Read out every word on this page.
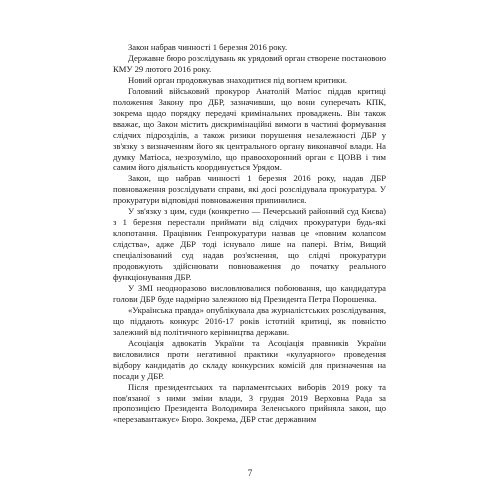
Закон набрав чинності 1 березня 2016 року.

Державне бюро розслідувань як урядовий орган створене постановою КМУ 29 лютого 2016 року.

Новий орган продовжував знаходитися під вогнем критики.

Головний військовий прокурор Анатолій Матіос піддав критиці положення Закону про ДБР, зазначивши, що вони суперечать КПК, зокрема щодо порядку передачі кримінальних проваджень. Він також вважає, що Закон містить дискримінаційні вимоги в частині формування слідчих підрозділів, а також ризики порушення незалежності ДБР у зв'язку з визначенням його як центрального органу виконавчої влади. На думку Матіоса, незрозуміло, що правоохоронний орган є ЦОВВ і тим самим його діяльність координується Урядом.

Закон, що набрав чинності 1 березня 2016 року, надав ДБР повноваження розслідувати справи, які досі розслідувала прокуратура. У прокуратури відповідні повноваження припинилися.

У зв'язку з цим, суди (конкретно — Печерський районний суд Києва) з 1 березня перестали приймати від слідчих прокуратури будь-які клопотання. Працівник Генпрокуратури назвав це «повним колапсом слідства», адже ДБР тоді існувало лише на папері. Втім, Вищий спеціалізований суд надав роз'яснення, що слідчі прокуратури продовжують здійснювати повноваження до початку реального функціонування ДБР.

У ЗМІ неодноразово висловлювалися побоювання, що кандидатура голови ДБР буде надмірно залежною від Президента Петра Порошенка.

«Українська правда» опублікувала два журналістських розслідування, що піддають конкурс 2016-17 років істотній критиці, як повністю залежний від політичного керівництва держави.

Асоціація адвокатів України та Асоціація правників України висловилися проти негативної практики «кулуарного» проведення відбору кандидатів до складу конкурсних комісій для призначення на посади у ДБР.

Після президентських та парламентських виборів 2019 року та пов'язаної з ними зміни влади, 3 грудня 2019 Верховна Рада за пропозицією Президента Володимира Зеленського прийняла закон, що «перезавантажує» Бюро. Зокрема, ДБР стає державним

7
